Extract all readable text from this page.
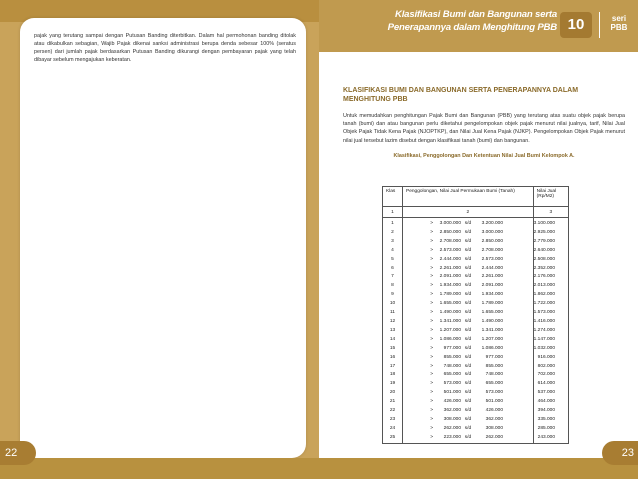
pajak yang terutang sampai dengan Putusan Banding diterbitkan. Dalam hal permohonan banding ditolak atau dikabulkan sebagian, Wajib Pajak dikenai sanksi administrasi berupa denda sebesar 100% (seratus persen) dari jumlah pajak berdasarkan Putusan Banding dikurangi dengan pembayaran pajak yang telah dibayar sebelum mengajukan keberatan.

22
Klasifikasi Bumi dan Bangunan serta
Penerapannya dalam Menghitung PBB 10	seri
PBB
KLASIFIKASI BUMI DAN BANGUNAN SERTA PENERAPANNYA DALAM MENGHITUNG PBB

Untuk memudahkan penghitungan Pajak Bumi dan Bangunan (PBB) yang terutang atas suatu objek pajak berupa tanah (bumi) dan atau bangunan perlu diketahui pengelompokan objek pajak menurut nilai jualnya, tarif, Nilai Jual Objek Pajak Tidak Kena Pajak (NJOPTKP), dan Nilai Jual Kena Pajak (NJKP). Pengelompokan Objek Pajak menurut nilai jual tersebut lazim disebut dengan klasifikasi tanah (bumi) dan bangunan.

Klasifikasi, Penggolongan Dan Ketentuan Nilai Jual Bumi Kelompok A.
Klas	Penggolongan, Nilai Jual Permukaan Bumi (Tanah)	Nilai Jual (Rp/M2)
1	2	3
1	> 3.000.000 s/d 3.200.000	3.100.000
2	> 2.850.000 s/d 3.000.000	2.925.000
3	> 2.708.000 s/d 2.850.000	2.779.000
4	> 2.573.000 s/d 2.708.000	2.640.000
5	> 2.444.000 s/d 2.573.000	2.508.000
6	> 2.261.000 s/d 2.444.000	2.352.000
7	> 2.091.000 s/d 2.261.000	2.176.000
8	> 1.934.000 s/d 2.091.000	2.013.000
9	> 1.789.000 s/d 1.934.000	1.862.000
10	> 1.655.000 s/d 1.789.000	1.722.000
11	> 1.490.000 s/d 1.655.000	1.573.000
12	> 1.341.000 s/d 1.490.000	1.416.000
13	> 1.207.000 s/d 1.341.000	1.274.000
14	> 1.086.000 s/d 1.207.000	1.147.000
15	> 977.000 s/d 1.086.000	1.032.000
16	> 855.000 s/d 977.000	916.000
17	> 748.000 s/d 855.000	802.000
18	> 655.000 s/d 748.000	702.000
19	> 573.000 s/d 655.000	614.000
20	> 501.000 s/d 573.000	537.000
21	> 426.000 s/d 501.000	464.000
22	> 362.000 s/d 426.000	394.000
23	> 308.000 s/d 362.000	335.000
24	> 262.000 s/d 308.000	285.000
25	> 223.000 s/d 262.000	243.000
23
